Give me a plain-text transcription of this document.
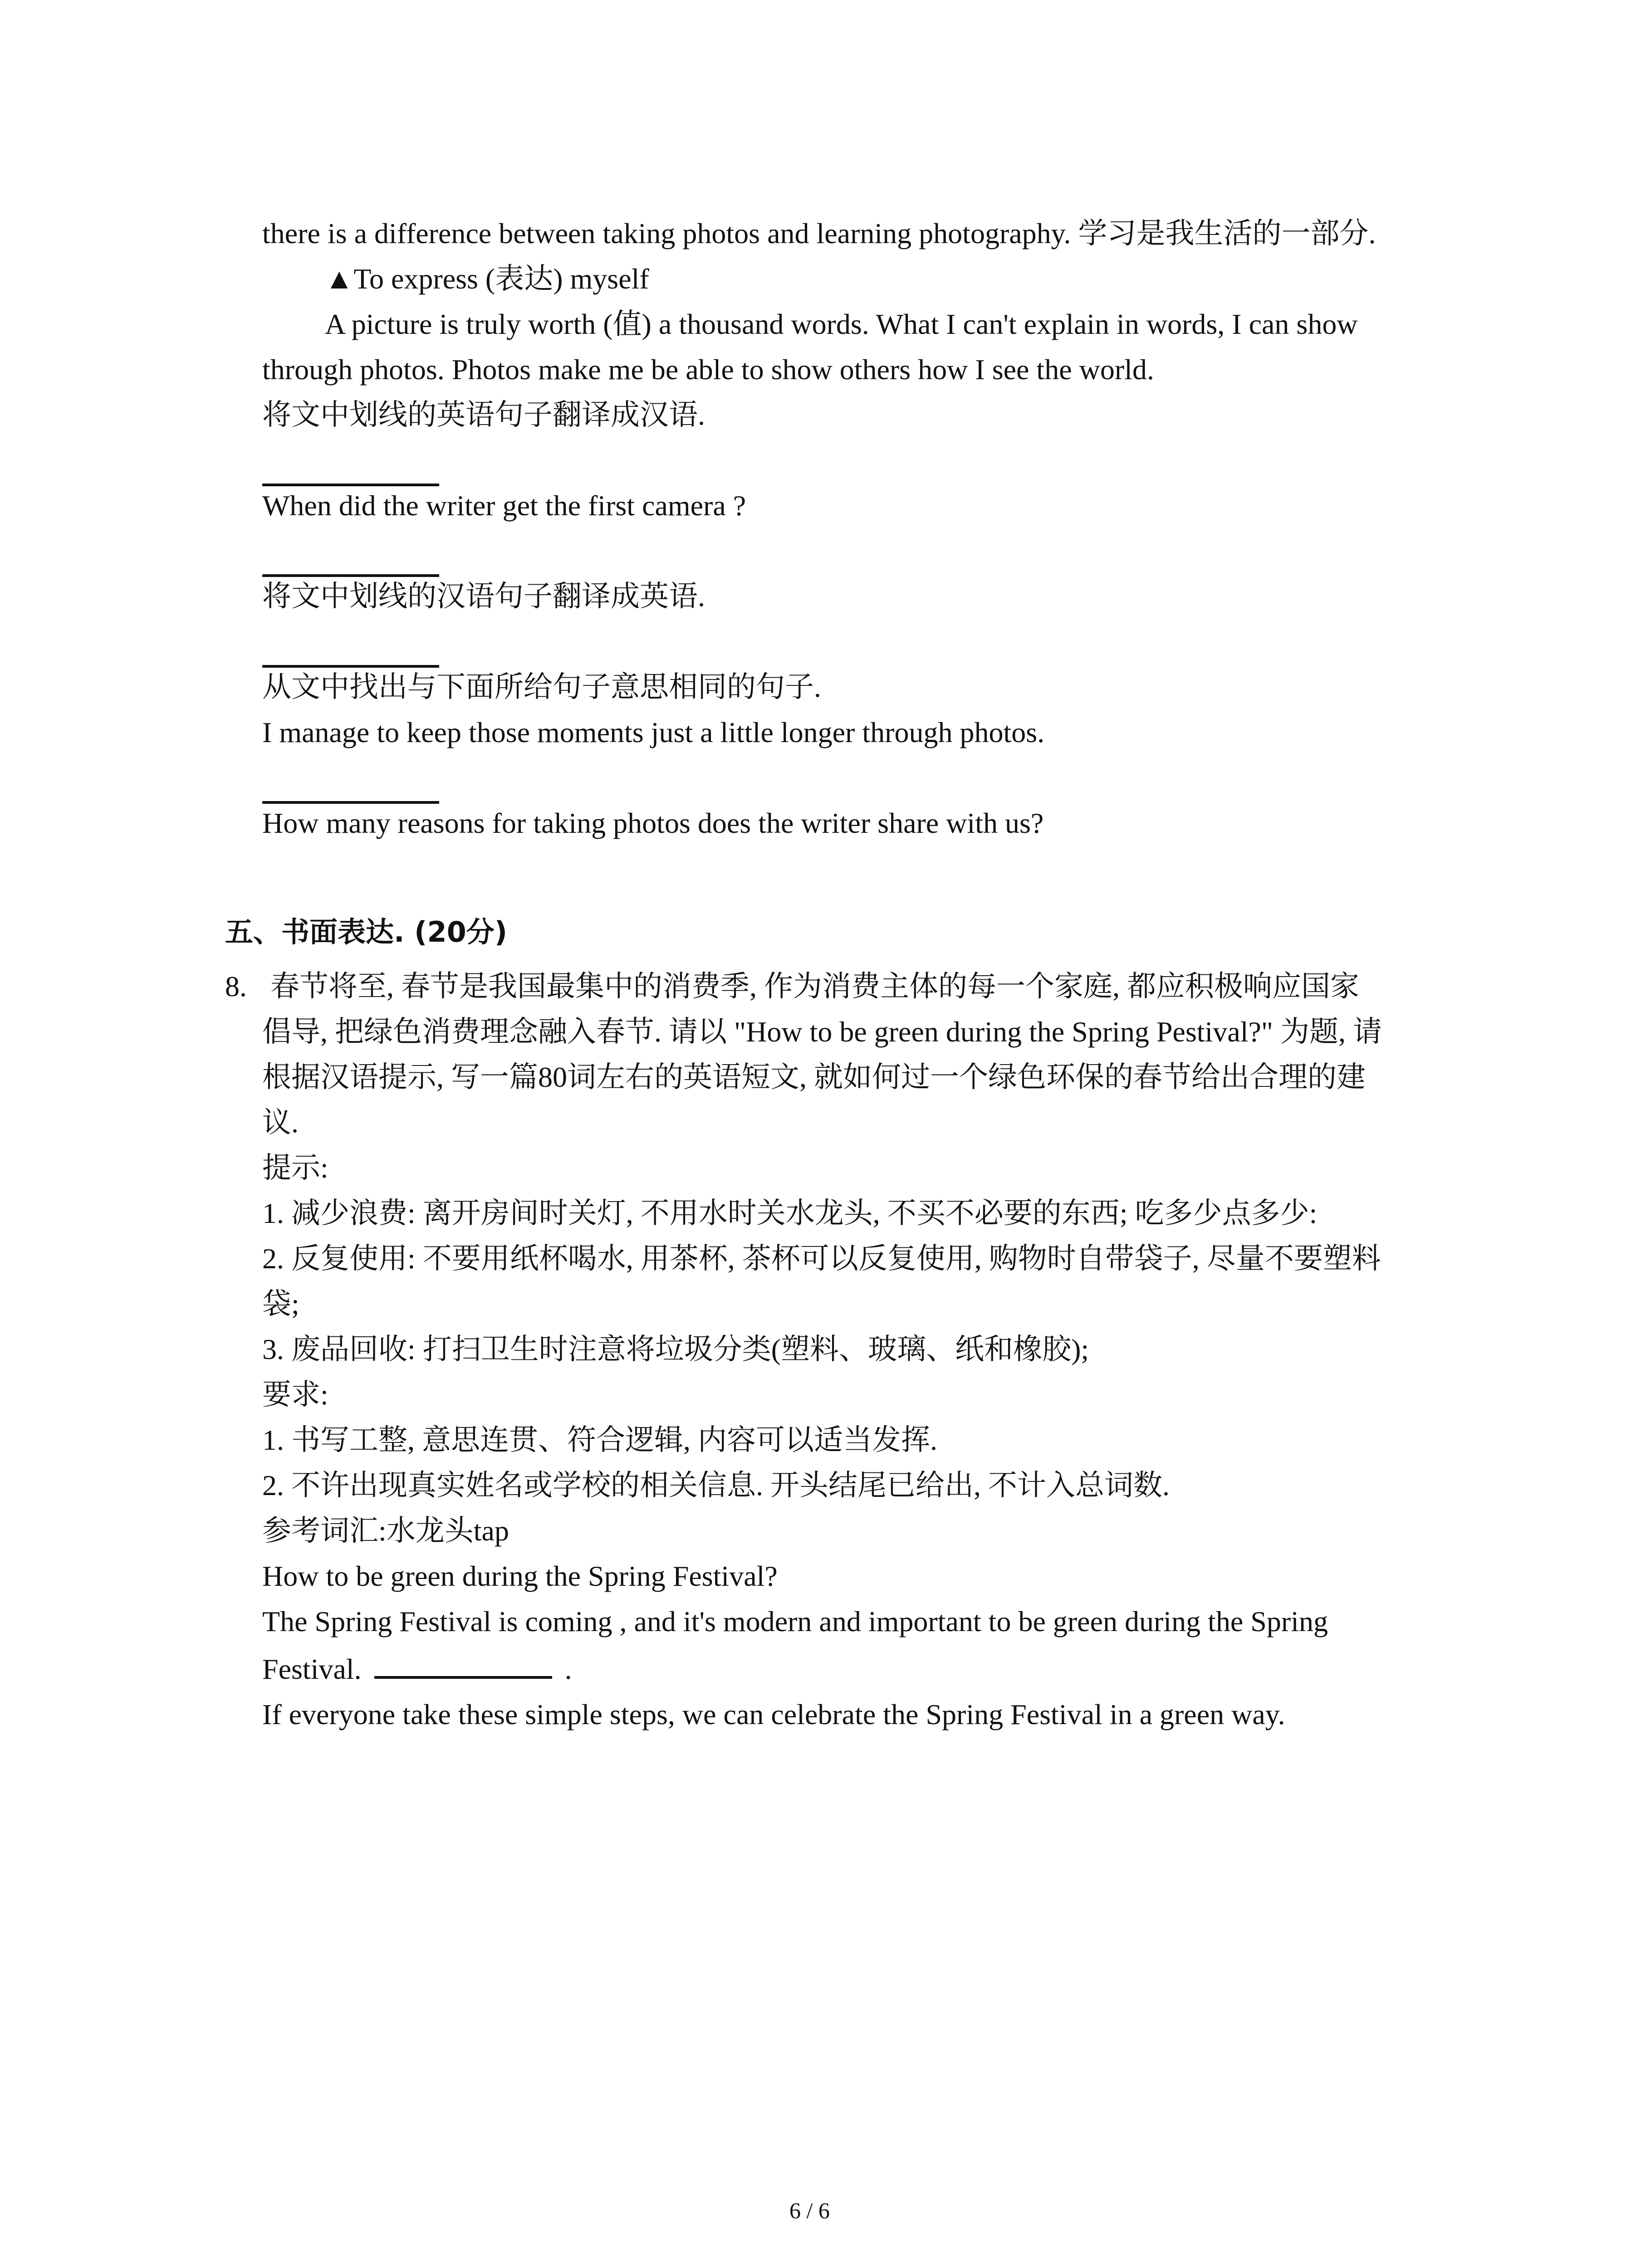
there is a difference between taking photos and learning photography. 学习是我生活的一部分.
▲To express (表达) myself
A picture is truly worth (值) a thousand words. What I can't explain in words, I can show
through photos. Photos make me be able to show others how I see the world.
将文中划线的英语句子翻译成汉语.
When did the writer get the first camera ?
将文中划线的汉语句子翻译成英语.
从文中找出与下面所给句子意思相同的句子.
I manage to keep those moments just a little longer through photos.
How many reasons for taking photos does the writer share with us?
五、书面表达. (20分)
8. 春节将至, 春节是我国最集中的消费季, 作为消费主体的每一个家庭, 都应积极响应国家
倡导, 把绿色消费理念融入春节. 请以 "How to be green during the Spring Pestival?" 为题, 请
根据汉语提示, 写一篇80词左右的英语短文, 就如何过一个绿色环保的春节给出合理的建
议.
提示:
1. 减少浪费: 离开房间时关灯, 不用水时关水龙头, 不买不必要的东西; 吃多少点多少:
2. 反复使用: 不要用纸杯喝水, 用茶杯, 茶杯可以反复使用, 购物时自带袋子, 尽量不要塑料
袋;
3. 废品回收: 打扫卫生时注意将垃圾分类(塑料、玻璃、纸和橡胶);
要求:
1. 书写工整, 意思连贯、符合逻辑, 内容可以适当发挥.
2. 不许出现真实姓名或学校的相关信息. 开头结尾已给出, 不计入总词数.
参考词汇:水龙头tap
How to be green during the Spring Festival?
The Spring Festival is coming , and it's modern and important to be green during the Spring
Festival.	.
If everyone take these simple steps, we can celebrate the Spring Festival in a green way.
6 / 6
